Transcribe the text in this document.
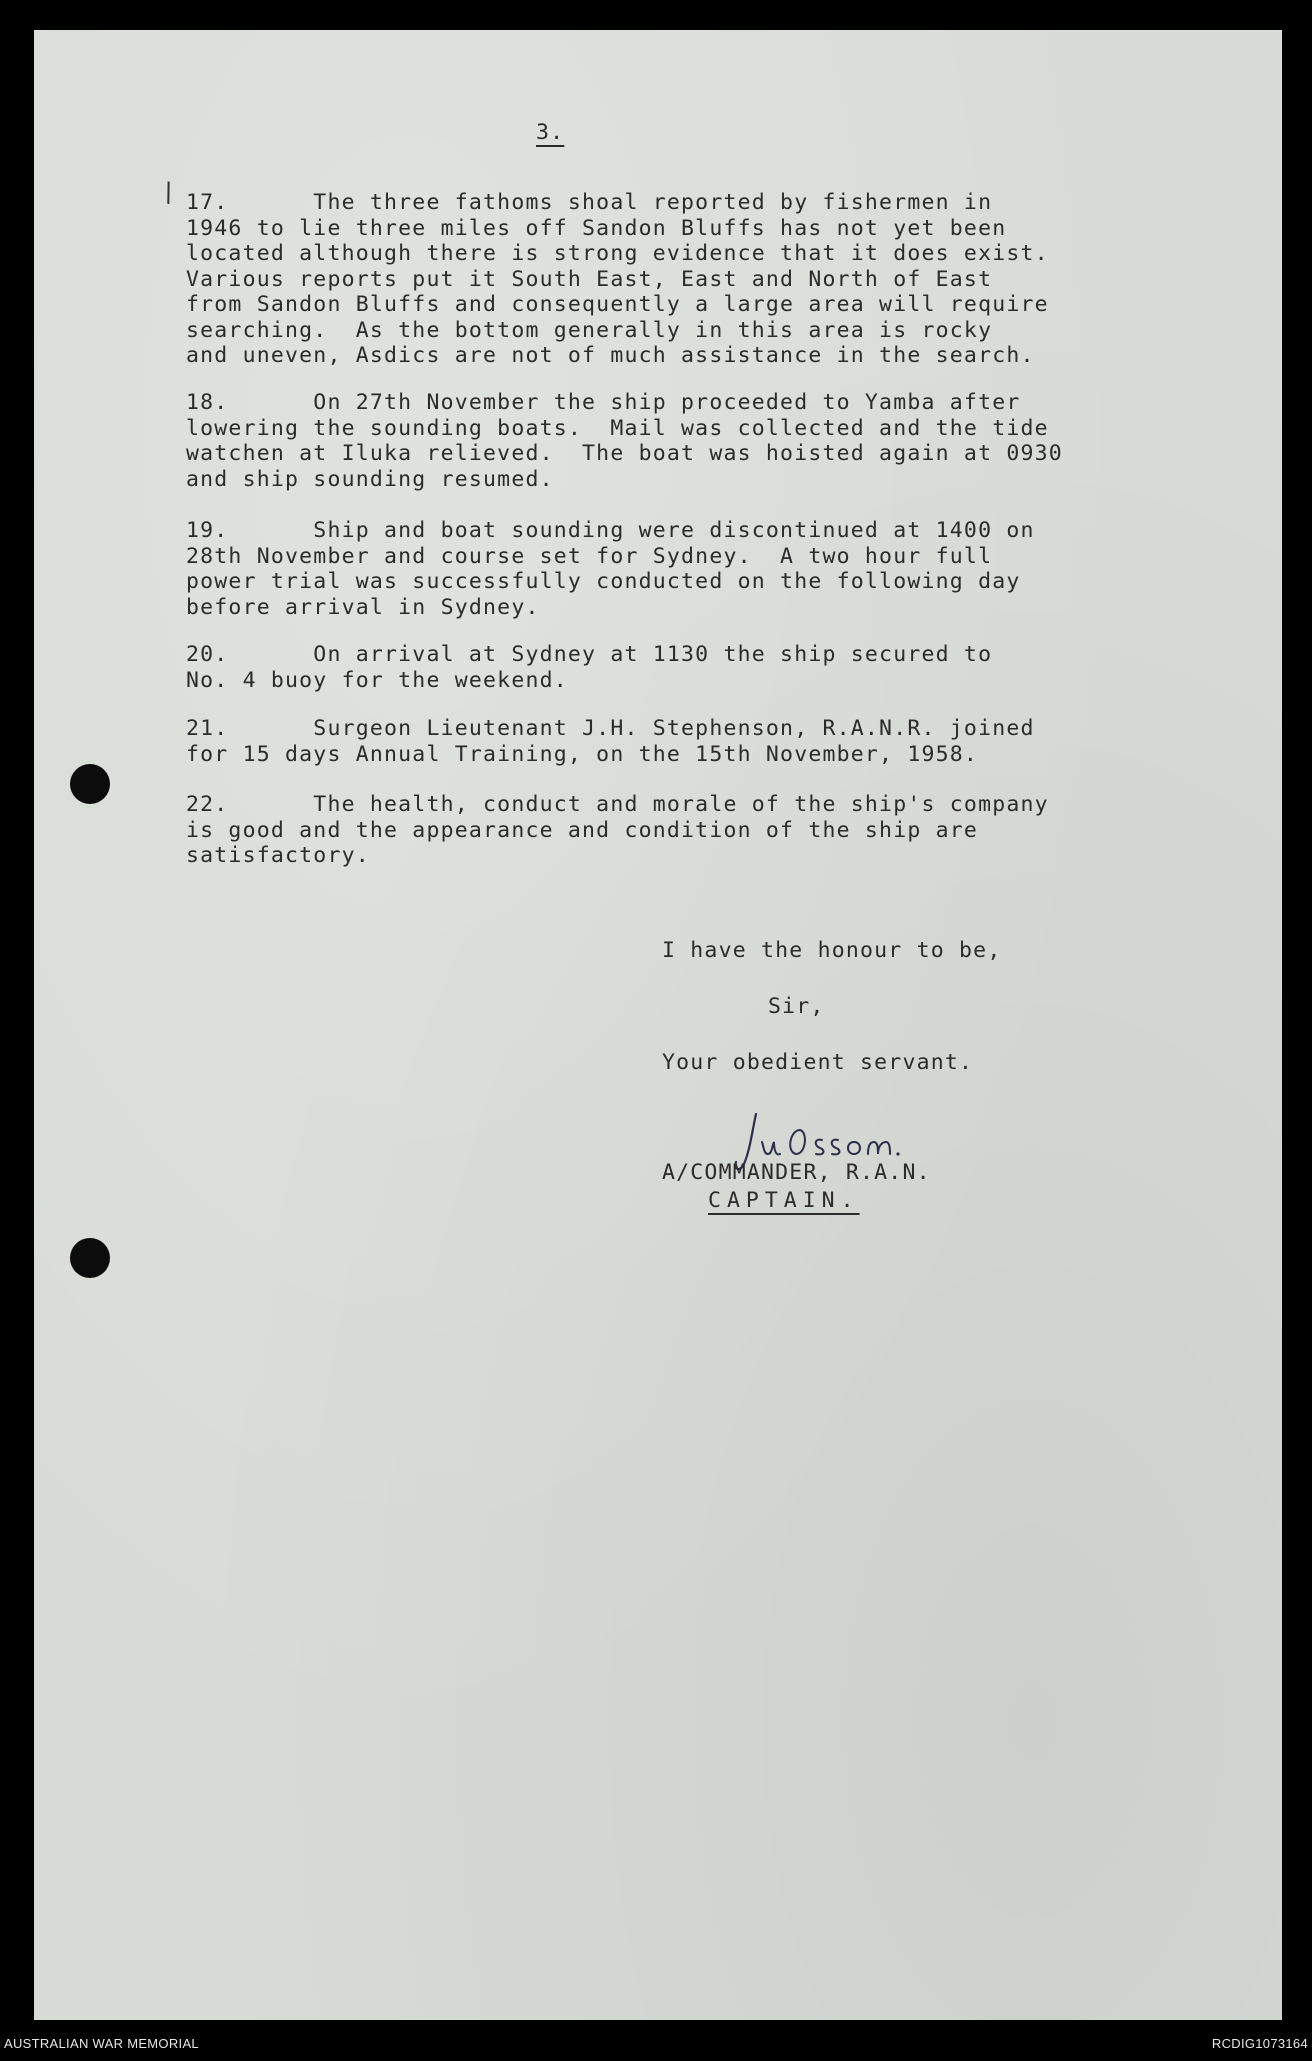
\
3.
17.      The three fathoms shoal reported by fishermen in
1946 to lie three miles off Sandon Bluffs has not yet been
located although there is strong evidence that it does exist.
Various reports put it South East, East and North of East
from Sandon Bluffs and consequently a large area will require
searching.  As the bottom generally in this area is rocky
and uneven, Asdics are not of much assistance in the search.
18.      On 27th November the ship proceeded to Yamba after
lowering the sounding boats.  Mail was collected and the tide
watchen at Iluka relieved.  The boat was hoisted again at 0930
and ship sounding resumed.
19.      Ship and boat sounding were discontinued at 1400 on
28th November and course set for Sydney.  A two hour full
power trial was successfully conducted on the following day
before arrival in Sydney.
20.      On arrival at Sydney at 1130 the ship secured to
No. 4 buoy for the weekend.
21.      Surgeon Lieutenant J.H. Stephenson, R.A.N.R. joined
for 15 days Annual Training, on the 15th November, 1958.
22.      The health, conduct and morale of the ship's company
is good and the appearance and condition of the ship are
satisfactory.
I have the honour to be,
Sir,
Your obedient servant.
A/COMMANDER, R.A.N.
CAPTAIN.
AUSTRALIAN WAR MEMORIAL	RCDIG1073164
